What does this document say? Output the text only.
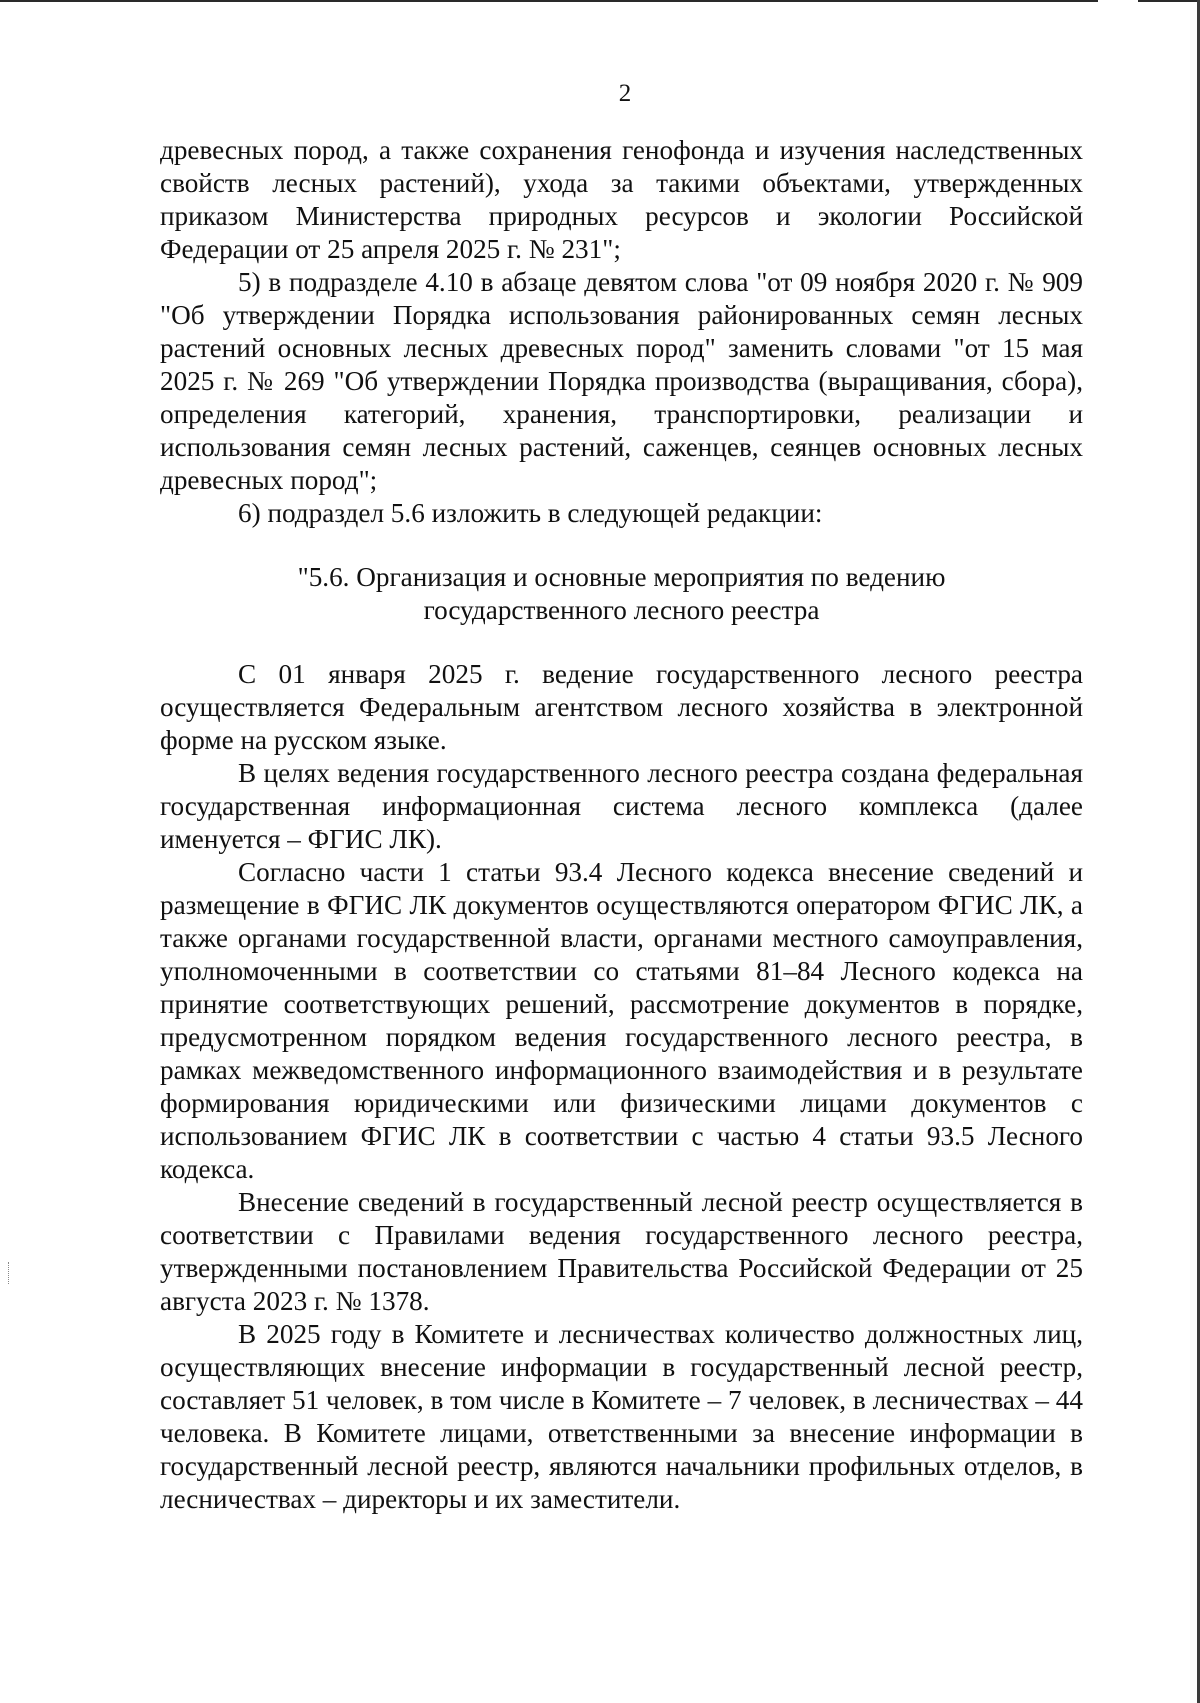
2

древесных пород, а также сохранения генофонда и изучения наследственных свойств лесных растений), ухода за такими объектами, утвержденных приказом Министерства природных ресурсов и экологии Российской Федерации от 25 апреля 2025 г. № 231";

5) в подразделе 4.10 в абзаце девятом слова "от 09 ноября 2020 г. № 909 "Об утверждении Порядка использования районированных семян лесных растений основных лесных древесных пород" заменить словами "от 15 мая 2025 г. № 269 "Об утверждении Порядка производства (выращивания, сбора), определения категорий, хранения, транспортировки, реализации и использования семян лесных растений, саженцев, сеянцев основных лесных древесных пород";

6) подраздел 5.6 изложить в следующей редакции:

"5.6. Организация и основные мероприятия по ведению
государственного лесного реестра

С 01 января 2025 г. ведение государственного лесного реестра осуществляется Федеральным агентством лесного хозяйства в электронной форме на русском языке.

В целях ведения государственного лесного реестра создана федеральная государственная информационная система лесного комплекса (далее именуется – ФГИС ЛК).

Согласно части 1 статьи 93.4 Лесного кодекса внесение сведений и размещение в ФГИС ЛК документов осуществляются оператором ФГИС ЛК, а также органами государственной власти, органами местного самоуправления, уполномоченными в соответствии со статьями 81–84 Лесного кодекса на принятие соответствующих решений, рассмотрение документов в порядке, предусмотренном порядком ведения государственного лесного реестра, в рамках межведомственного информационного взаимодействия и в результате формирования юридическими или физическими лицами документов с использованием ФГИС ЛК в соответствии с частью 4 статьи 93.5 Лесного кодекса.

Внесение сведений в государственный лесной реестр осуществляется в соответствии с Правилами ведения государственного лесного реестра, утвержденными постановлением Правительства Российской Федерации от 25 августа 2023 г. № 1378.

В 2025 году в Комитете и лесничествах количество должностных лиц, осуществляющих внесение информации в государственный лесной реестр, составляет 51 человек, в том числе в Комитете – 7 человек, в лесничествах – 44 человека. В Комитете лицами, ответственными за внесение информации в государственный лесной реестр, являются начальники профильных отделов, в лесничествах – директоры и их заместители.
